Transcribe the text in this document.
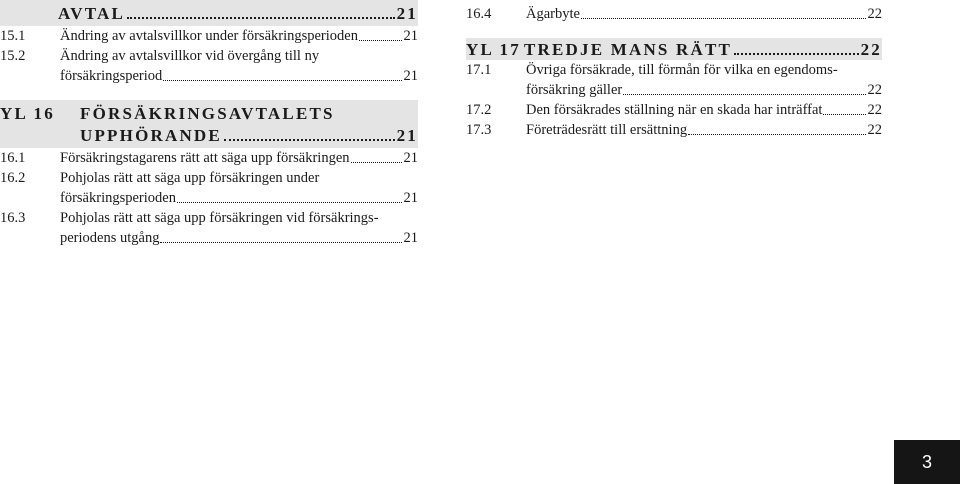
AVTAL	21
15.1	Ändring av avtalsvillkor under försäkringsperioden	21
15.2	Ändring av avtalsvillkor vid övergång till ny
försäkringsperiod	21
YL 16 FÖRSÄKRINGSAVTALETS
UPPHÖRANDE	21
16.1	Försäkringstagarens rätt att säga upp försäkringen	21
16.2	Pohjolas rätt att säga upp försäkringen under
försäkringsperioden	21
16.3	Pohjolas rätt att säga upp försäkringen vid försäkrings-
periodens utgång	21
16.4	Ägarbyte	22
YL 17 TREDJE MANS RÄTT	22
17.1	Övriga försäkrade, till förmån för vilka en egendoms-
försäkring gäller	22
17.2	Den försäkrades ställning när en skada har inträffat	22
17.3	Företrädesrätt till ersättning	22
3
